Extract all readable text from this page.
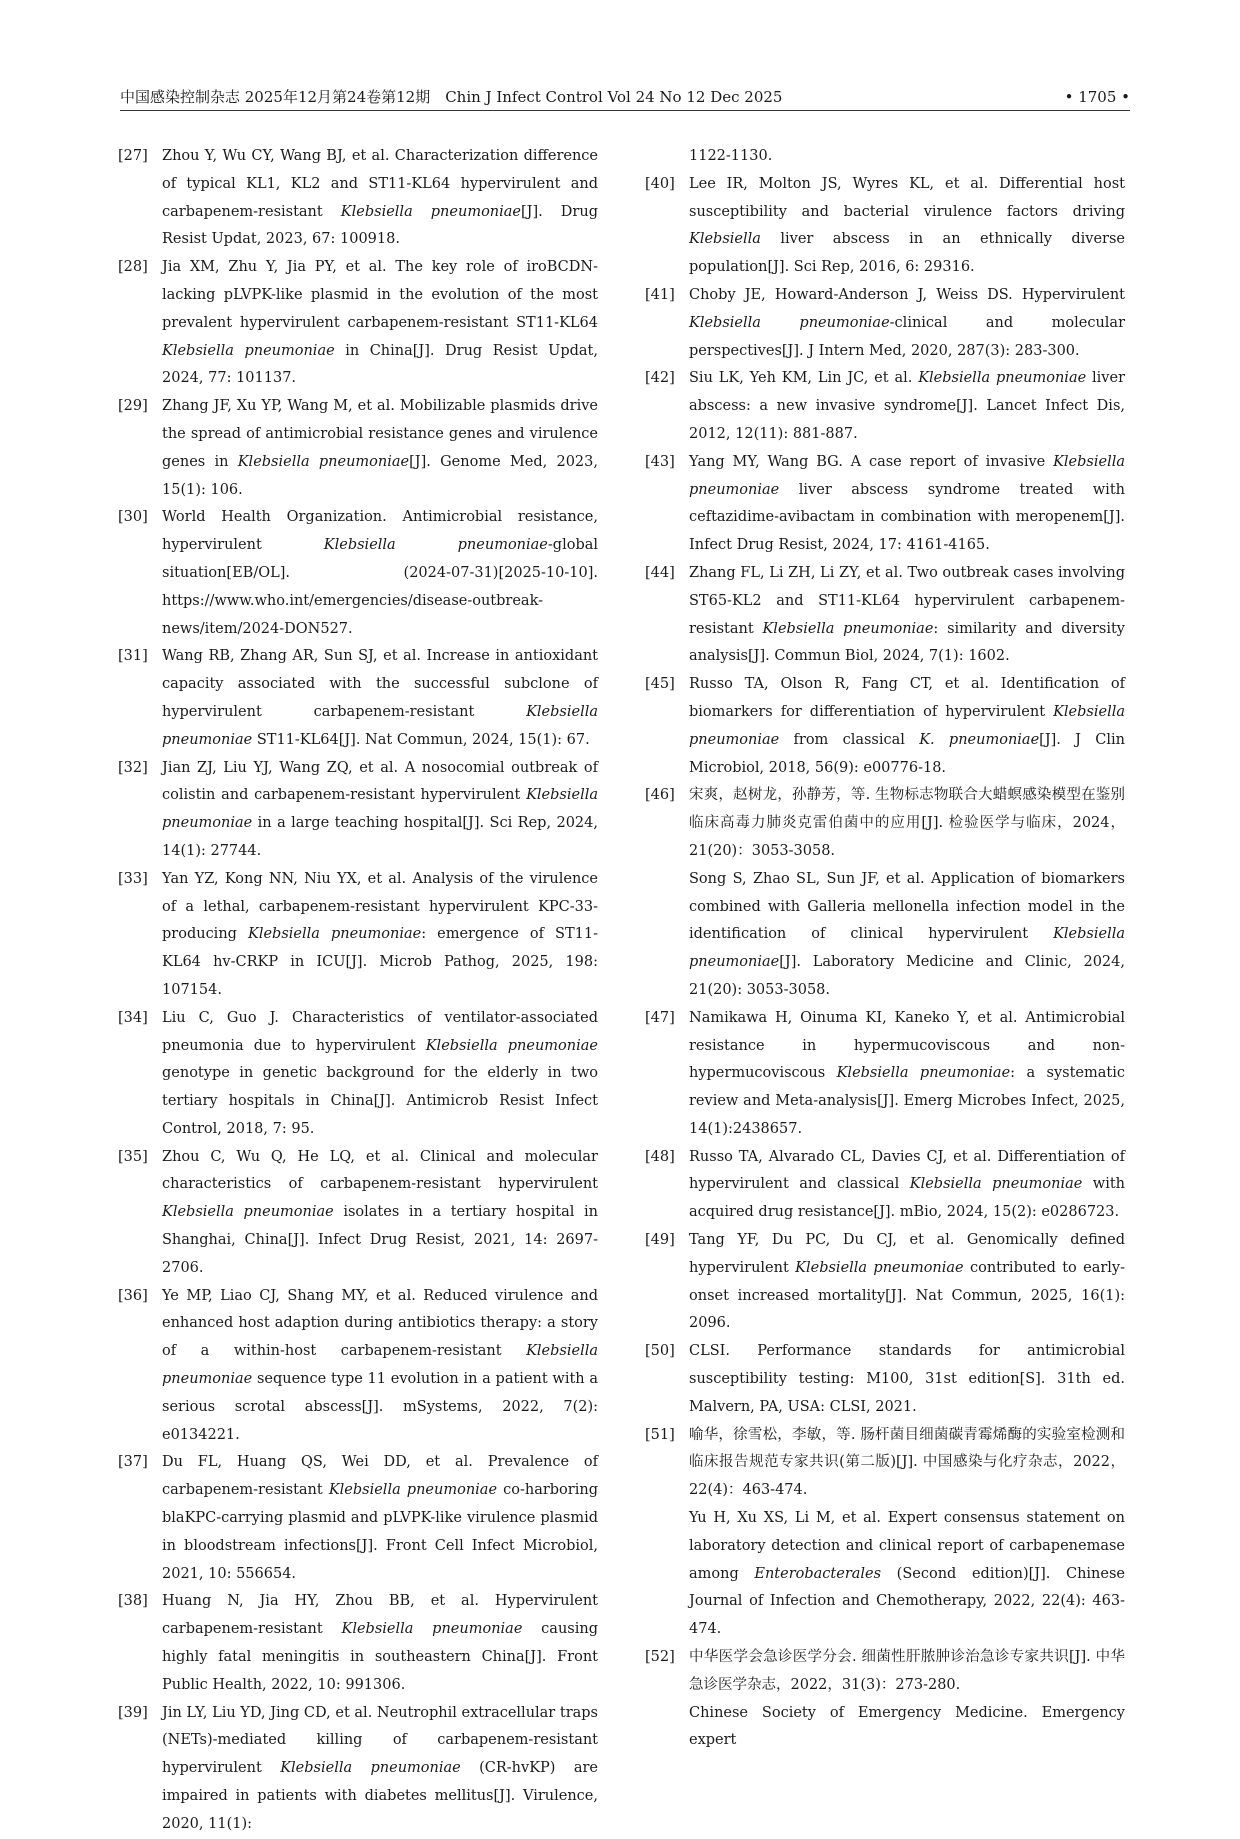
中国感染控制杂志 2025年12月第24卷第12期　Chin J Infect Control Vol 24 No 12 Dec 2025	• 1705 •
[27] Zhou Y, Wu CY, Wang BJ, et al. Characterization difference of typical KL1, KL2 and ST11-KL64 hypervirulent and carbapenem-resistant Klebsiella pneumoniae[J]. Drug Resist Updat, 2023, 67: 100918.
[28] Jia XM, Zhu Y, Jia PY, et al. The key role of iroBCDN-lacking pLVPK-like plasmid in the evolution of the most prevalent hypervirulent carbapenem-resistant ST11-KL64 Klebsiella pneumoniae in China[J]. Drug Resist Updat, 2024, 77: 101137.
[29] Zhang JF, Xu YP, Wang M, et al. Mobilizable plasmids drive the spread of antimicrobial resistance genes and virulence genes in Klebsiella pneumoniae[J]. Genome Med, 2023, 15(1): 106.
[30] World Health Organization. Antimicrobial resistance, hypervirulent Klebsiella pneumoniae-global situation[EB/OL]. (2024-07-31)[2025-10-10]. https://www.who.int/emergencies/disease-outbreak-news/item/2024-DON527.
[31] Wang RB, Zhang AR, Sun SJ, et al. Increase in antioxidant capacity associated with the successful subclone of hypervirulent carbapenem-resistant Klebsiella pneumoniae ST11-KL64[J]. Nat Commun, 2024, 15(1): 67.
[32] Jian ZJ, Liu YJ, Wang ZQ, et al. A nosocomial outbreak of colistin and carbapenem-resistant hypervirulent Klebsiella pneumoniae in a large teaching hospital[J]. Sci Rep, 2024, 14(1): 27744.
[33] Yan YZ, Kong NN, Niu YX, et al. Analysis of the virulence of a lethal, carbapenem-resistant hypervirulent KPC-33-producing Klebsiella pneumoniae: emergence of ST11-KL64 hv-CRKP in ICU[J]. Microb Pathog, 2025, 198: 107154.
[34] Liu C, Guo J. Characteristics of ventilator-associated pneumonia due to hypervirulent Klebsiella pneumoniae genotype in genetic background for the elderly in two tertiary hospitals in China[J]. Antimicrob Resist Infect Control, 2018, 7: 95.
[35] Zhou C, Wu Q, He LQ, et al. Clinical and molecular characteristics of carbapenem-resistant hypervirulent Klebsiella pneumoniae isolates in a tertiary hospital in Shanghai, China[J]. Infect Drug Resist, 2021, 14: 2697-2706.
[36] Ye MP, Liao CJ, Shang MY, et al. Reduced virulence and enhanced host adaption during antibiotics therapy: a story of a within-host carbapenem-resistant Klebsiella pneumoniae sequence type 11 evolution in a patient with a serious scrotal abscess[J]. mSystems, 2022, 7(2): e0134221.
[37] Du FL, Huang QS, Wei DD, et al. Prevalence of carbapenem-resistant Klebsiella pneumoniae co-harboring blaKPC-carrying plasmid and pLVPK-like virulence plasmid in bloodstream infections[J]. Front Cell Infect Microbiol, 2021, 10: 556654.
[38] Huang N, Jia HY, Zhou BB, et al. Hypervirulent carbapenem-resistant Klebsiella pneumoniae causing highly fatal meningitis in southeastern China[J]. Front Public Health, 2022, 10: 991306.
[39] Jin LY, Liu YD, Jing CD, et al. Neutrophil extracellular traps (NETs)-mediated killing of carbapenem-resistant hypervirulent Klebsiella pneumoniae (CR-hvKP) are impaired in patients with diabetes mellitus[J]. Virulence, 2020, 11(1):
1122-1130.
[40] Lee IR, Molton JS, Wyres KL, et al. Differential host susceptibility and bacterial virulence factors driving Klebsiella liver abscess in an ethnically diverse population[J]. Sci Rep, 2016, 6: 29316.
[41] Choby JE, Howard-Anderson J, Weiss DS. Hypervirulent Klebsiella pneumoniae-clinical and molecular perspectives[J]. J Intern Med, 2020, 287(3): 283-300.
[42] Siu LK, Yeh KM, Lin JC, et al. Klebsiella pneumoniae liver abscess: a new invasive syndrome[J]. Lancet Infect Dis, 2012, 12(11): 881-887.
[43] Yang MY, Wang BG. A case report of invasive Klebsiella pneumoniae liver abscess syndrome treated with ceftazidime-avibactam in combination with meropenem[J]. Infect Drug Resist, 2024, 17: 4161-4165.
[44] Zhang FL, Li ZH, Li ZY, et al. Two outbreak cases involving ST65-KL2 and ST11-KL64 hypervirulent carbapenem-resistant Klebsiella pneumoniae: similarity and diversity analysis[J]. Commun Biol, 2024, 7(1): 1602.
[45] Russo TA, Olson R, Fang CT, et al. Identification of biomarkers for differentiation of hypervirulent Klebsiella pneumoniae from classical K. pneumoniae[J]. J Clin Microbiol, 2018, 56(9): e00776-18.
[46] 宋爽，赵树龙，孙静芳，等. 生物标志物联合大蜡螟感染模型在鉴别临床高毒力肺炎克雷伯菌中的应用[J]. 检验医学与临床，2024，21(20)：3053-3058.
Song S, Zhao SL, Sun JF, et al. Application of biomarkers combined with Galleria mellonella infection model in the identification of clinical hypervirulent Klebsiella pneumoniae[J]. Laboratory Medicine and Clinic, 2024, 21(20): 3053-3058.
[47] Namikawa H, Oinuma KI, Kaneko Y, et al. Antimicrobial resistance in hypermucoviscous and non-hypermucoviscous Klebsiella pneumoniae: a systematic review and Meta-analysis[J]. Emerg Microbes Infect, 2025, 14(1):2438657.
[48] Russo TA, Alvarado CL, Davies CJ, et al. Differentiation of hypervirulent and classical Klebsiella pneumoniae with acquired drug resistance[J]. mBio, 2024, 15(2): e0286723.
[49] Tang YF, Du PC, Du CJ, et al. Genomically defined hypervirulent Klebsiella pneumoniae contributed to early-onset increased mortality[J]. Nat Commun, 2025, 16(1): 2096.
[50] CLSI. Performance standards for antimicrobial susceptibility testing: M100, 31st edition[S]. 31th ed. Malvern, PA, USA: CLSI, 2021.
[51] 喻华，徐雪松，李敏，等. 肠杆菌目细菌碳青霉烯酶的实验室检测和临床报告规范专家共识(第二版)[J]. 中国感染与化疗杂志，2022，22(4)：463-474.
Yu H, Xu XS, Li M, et al. Expert consensus statement on laboratory detection and clinical report of carbapenemase among Enterobacterales (Second edition)[J]. Chinese Journal of Infection and Chemotherapy, 2022, 22(4): 463-474.
[52] 中华医学会急诊医学分会. 细菌性肝脓肿诊治急诊专家共识[J]. 中华急诊医学杂志，2022，31(3)：273-280.
Chinese Society of Emergency Medicine. Emergency expert
